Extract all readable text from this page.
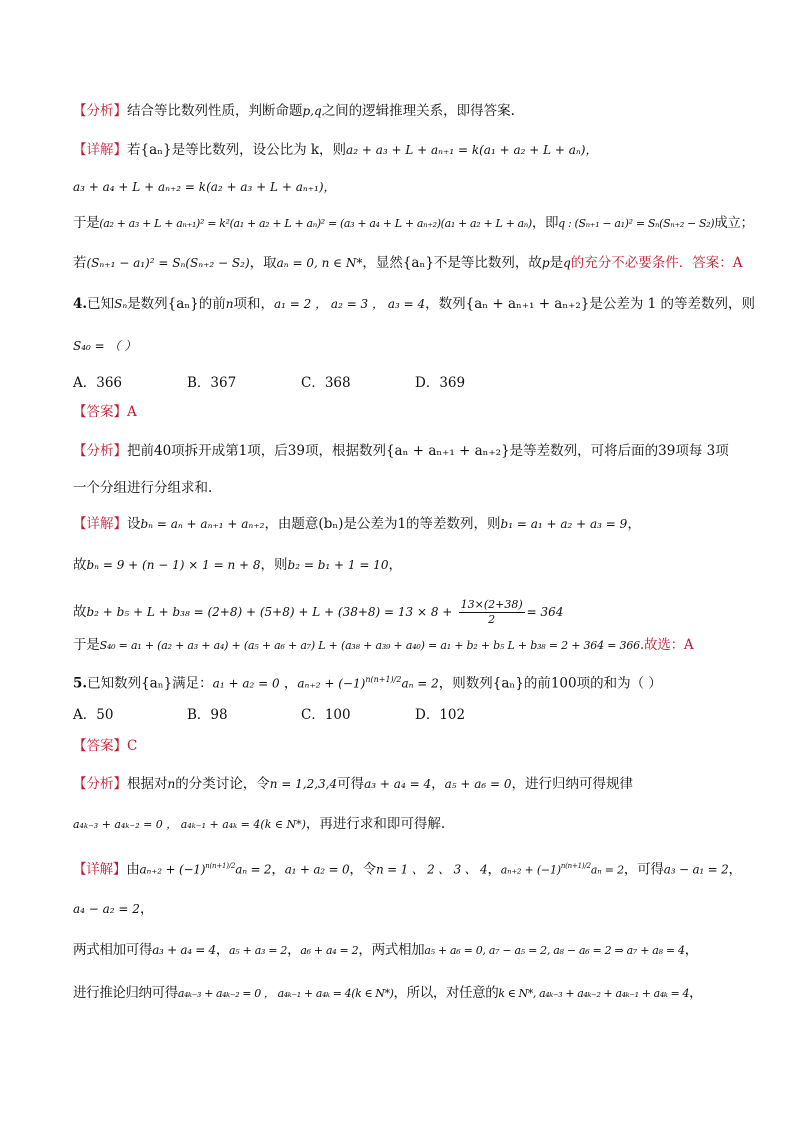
【分析】结合等比数列性质，判断命题p,q之间的逻辑推理关系，即得答案.
【详解】若{aₙ}是等比数列，设公比为 k，则a₂ + a₃ + L + aₙ₊₁ = k(a₁ + a₂ + L + aₙ)，
a₃ + a₄ + L + aₙ₊₂ = k(a₂ + a₃ + L + aₙ₊₁)，
于是(a₂ + a₃ + L + aₙ₊₁)² = k²(a₁ + a₂ + L + aₙ)² = (a₃ + a₄ + L + aₙ₊₂)(a₁ + a₂ + L + aₙ)，即q : (Sₙ₊₁ − a₁)² = Sₙ(Sₙ₊₂ − S₂)成立；
若(Sₙ₊₁ − a₁)² = Sₙ(Sₙ₊₂ − S₂)，取aₙ = 0, n ∈ N*，显然{aₙ}不是等比数列，故p是q的充分不必要条件．答案：A
4.已知Sₙ是数列{aₙ}的前n项和，a₁ = 2 ， a₂ = 3 ， a₃ = 4，数列{aₙ + aₙ₊₁ + aₙ₊₂}是公差为 1 的等差数列，则
S₄₀ = （ ）
A．366	B．367	C．368	D．369
【答案】A
【分析】把前40项拆开成第1项，后39项，根据数列{aₙ + aₙ₊₁ + aₙ₊₂}是等差数列，可将后面的39项每 3项
一个分组进行分组求和.
【详解】设bₙ = aₙ + aₙ₊₁ + aₙ₊₂，由题意(bₙ)是公差为1的等差数列，则b₁ = a₁ + a₂ + a₃ = 9，
故bₙ = 9 + (n − 1) × 1 = n + 8，则b₂ = b₁ + 1 = 10，
故$b_2 + b_5 + L + b_{38} = (2+8) + (5+8) + L + (38+8) = 13 \times 8 + \frac{13\times(2+38)}{2} = 364$
于是S₄₀ = a₁ + (a₂ + a₃ + a₄) + (a₅ + a₆ + a₇) L + (a₃₈ + a₃₉ + a₄₀) = a₁ + b₂ + b₅ L + b₃₈ = 2 + 364 = 366.故选：A
5.已知数列{aₙ}满足：a₁ + a₂ = 0 ，$a_{n+2} + (-1)^{n(n+1)/2}a_n = 2$，则数列{aₙ}的前100项的和为（ ）
A．50	B．98	C．100	D．102
【答案】C
【分析】根据对n的分类讨论，令n = 1,2,3,4可得a₃ + a₄ = 4，a₅ + a₆ = 0，进行归纳可得规律
a₄ₖ₋₃ + a₄ₖ₋₂ = 0 ， a₄ₖ₋₁ + a₄ₖ = 4(k ∈ N*)，再进行求和即可得解.
【详解】由$a_{n+2} + (-1)^{n(n+1)/2}a_n = 2$，a₁ + a₂ = 0，令n = 1 、 2 、 3 、 4，$a_{n+2} + (-1)^{n(n+1)/2}a_n = 2$，可得a₃ − a₁ = 2，
a₄ − a₂ = 2，
两式相加可得a₃ + a₄ = 4，a₅ + a₃ = 2，a₆ + a₄ = 2，两式相加a₅ + a₆ = 0, a₇ − a₅ = 2, a₈ − a₆ = 2 ⇒ a₇ + a₈ = 4，
进行推论归纳可得a₄ₖ₋₃ + a₄ₖ₋₂ = 0 ， a₄ₖ₋₁ + a₄ₖ = 4(k ∈ N*)，所以，对任意的k ∈ N*, a₄ₖ₋₃ + a₄ₖ₋₂ + a₄ₖ₋₁ + a₄ₖ = 4，
